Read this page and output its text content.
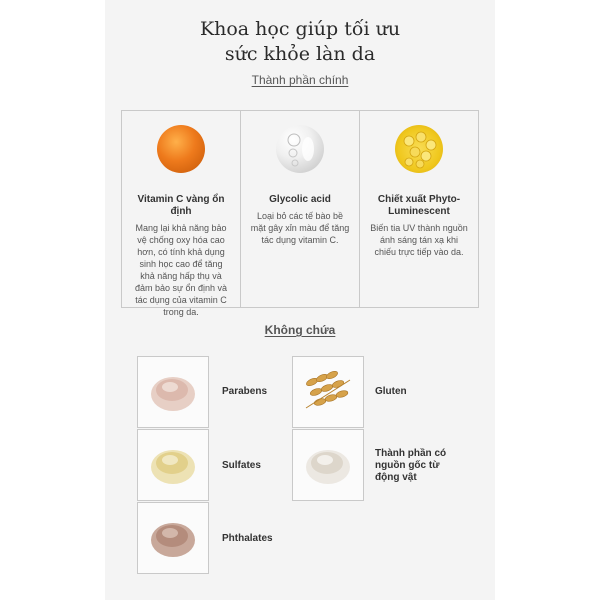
Khoa học giúp tối ưu
sức khỏe làn da
Thành phần chính
Vitamin C vàng ổn định
Mang lại khả năng bảo vệ chống oxy hóa cao hơn, có tính khả dụng sinh học cao để tăng khả năng hấp thụ và đảm bảo sự ổn định và tác dụng của vitamin C trong da.
Glycolic acid
Loại bỏ các tế bào bề mặt gây xỉn màu để tăng tác dụng vitamin C.
Chiết xuất Phyto-Luminescent
Biến tia UV thành nguồn ánh sáng tán xạ khi chiếu trực tiếp vào da.
Không chứa
Parabens	Gluten
Sulfates
Thành phần có nguồn gốc từ động vật
Phthalates
